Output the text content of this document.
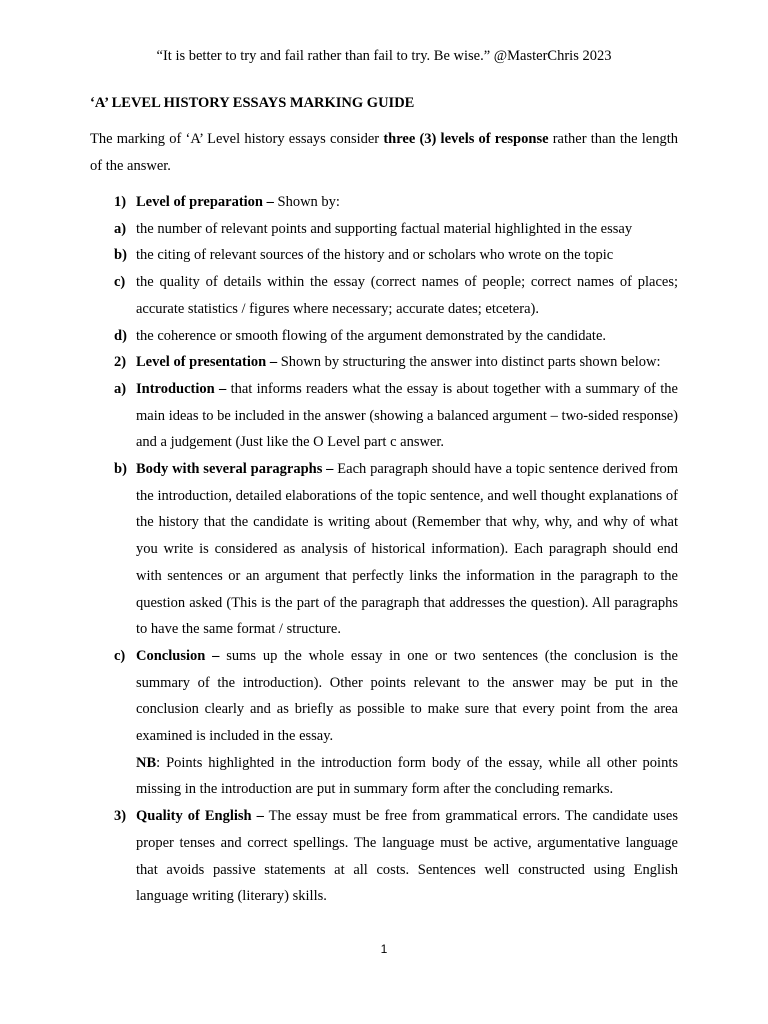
“It is better to try and fail rather than fail to try. Be wise.” @MasterChris 2023
‘A’ LEVEL HISTORY ESSAYS MARKING GUIDE
The marking of ‘A’ Level history essays consider three (3) levels of response rather than the length of the answer.
1) Level of preparation – Shown by:
a) the number of relevant points and supporting factual material highlighted in the essay
b) the citing of relevant sources of the history and or scholars who wrote on the topic
c) the quality of details within the essay (correct names of people; correct names of places; accurate statistics / figures where necessary; accurate dates; etcetera).
d) the coherence or smooth flowing of the argument demonstrated by the candidate.
2) Level of presentation – Shown by structuring the answer into distinct parts shown below:
a) Introduction – that informs readers what the essay is about together with a summary of the main ideas to be included in the answer (showing a balanced argument – two-sided response) and a judgement (Just like the O Level part c answer.
b) Body with several paragraphs – Each paragraph should have a topic sentence derived from the introduction, detailed elaborations of the topic sentence, and well thought explanations of the history that the candidate is writing about (Remember that why, why, and why of what you write is considered as analysis of historical information). Each paragraph should end with sentences or an argument that perfectly links the information in the paragraph to the question asked (This is the part of the paragraph that addresses the question). All paragraphs to have the same format / structure.
c) Conclusion – sums up the whole essay in one or two sentences (the conclusion is the summary of the introduction). Other points relevant to the answer may be put in the conclusion clearly and as briefly as possible to make sure that every point from the area examined is included in the essay.
NB: Points highlighted in the introduction form body of the essay, while all other points missing in the introduction are put in summary form after the concluding remarks.
3) Quality of English – The essay must be free from grammatical errors. The candidate uses proper tenses and correct spellings. The language must be active, argumentative language that avoids passive statements at all costs. Sentences well constructed using English language writing (literary) skills.
1
